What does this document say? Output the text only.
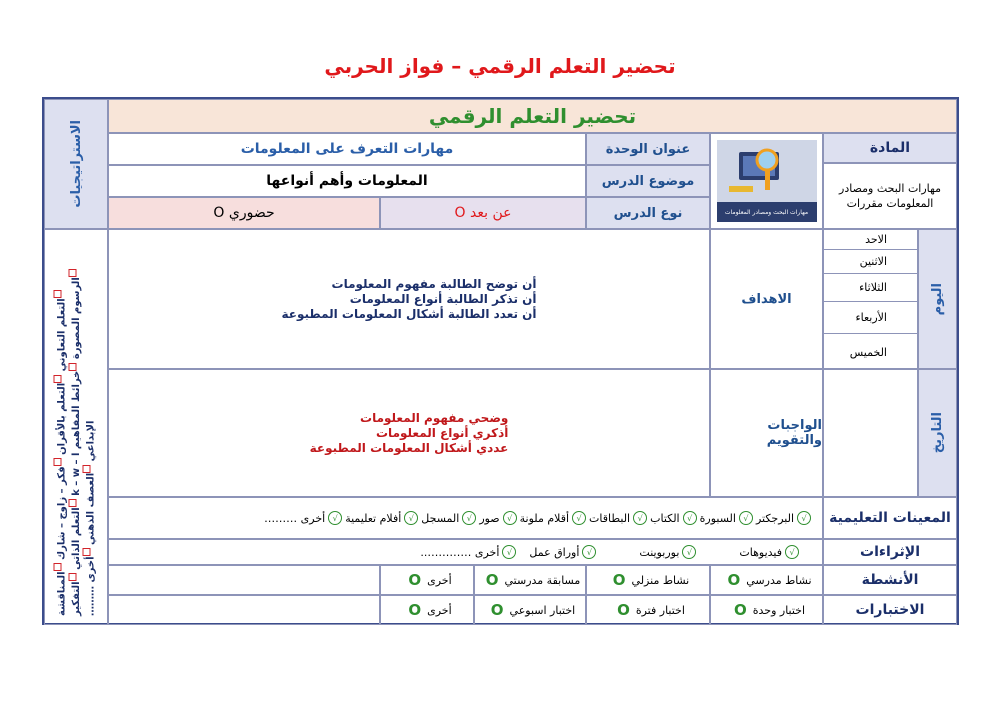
تحضير التعلم الرقمي – فواز الحربي
الاستراتيجيات
التعلم التعاوني التعلم بالأقران فكر – زاوج – شارك المناقشة
الرسوم المصورة خرائط المفاهيم k – w – l التعلم الذاتي التفكير
الإبداعي العصف الذهني أخرى ………
تحضير التعلم الرقمي
المادة
مهارات البحث ومصادر المعلومات مقررات
مهارات البحث ومصادر المعلومات
عنوان الوحدة
مهارات التعرف على المعلومات
موضوع الدرس
المعلومات وأهم أنواعها
نوع الدرس
عن بعد O
حضوري O
اليوم
الاحد
الاثنين
الثلاثاء
الأربعاء
الخميس
الاهداف
أن توضح الطالبة مفهوم المعلومات
أن تذكر الطالبة أنواع المعلومات
أن تعدد الطالبة أشكال المعلومات المطبوعة
التاريخ
الواجبات والتقويم
وضحي مفهوم المعلومات
أذكري أنواع المعلومات
عددي أشكال المعلومات المطبوعة
المعينات التعليمية
√
البرجكتر
√
السبورة
√
الكتاب
√
البطاقات
√
أقلام ملونة
√
صور
√
المسجل
√
أفلام تعليمية
√
أخرى ………
الإثراءات
√
فيديوهات
√
بوربوينت
√
أوراق عمل
√
أخرى …………..
الأنشطة
نشاط مدرسي
O
نشاط منزلي
O
مسابقة مدرستي
O
أخرى
O
الاختبارات
اختبار وحدة
O
اختبار فترة
O
اختبار اسبوعي
O
أخرى
O
